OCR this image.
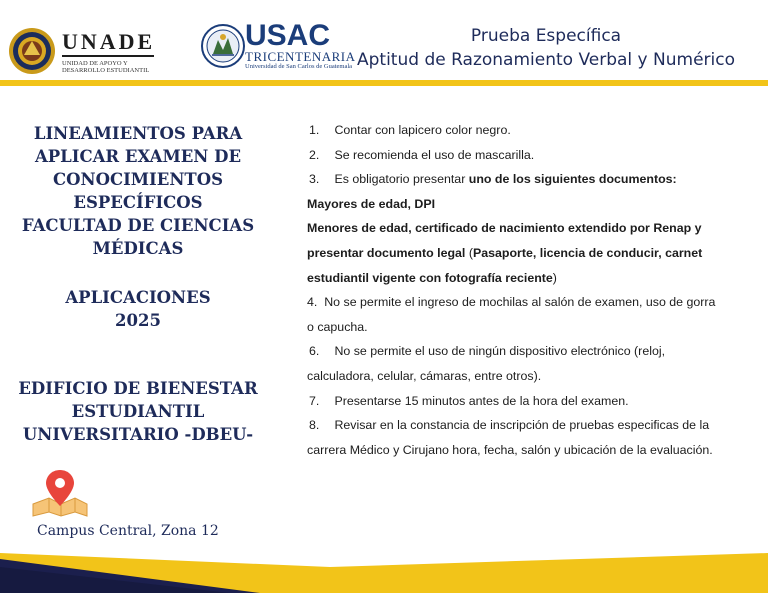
UNADE
UNIDAD DE APOYO Y
DESARROLLO ESTUDIANTIL
USAC
TRICENTENARIA
Universidad de San Carlos de Guatemala
Prueba Específica
Aptitud de Razonamiento Verbal y Numérico
LINEAMIENTOS PARA
APLICAR EXAMEN DE
CONOCIMIENTOS
ESPECÍFICOS
FACULTAD DE CIENCIAS
MÉDICAS
APLICACIONES
2025
EDIFICIO DE BIENESTAR
ESTUDIANTIL
UNIVERSITARIO -DBEU-
Campus Central, Zona 12

1. Contar con lapicero color negro.

2. Se recomienda el uso de mascarilla.

3. Es obligatorio presentar uno de los siguientes documentos:

Mayores de edad, DPI

Menores de edad, certificado de nacimiento extendido por Renap y
presentar documento legal (Pasaporte, licencia de conducir, carnet
estudiantil vigente con fotografía reciente)

4. No se permite el ingreso de mochilas al salón de examen, uso de gorra
o capucha.

6. No se permite el uso de ningún dispositivo electrónico (reloj,
calculadora, celular, cámaras, entre otros).

7. Presentarse 15 minutos antes de la hora del examen.

8. Revisar en la constancia de inscripción de pruebas especificas de la
carrera Médico y Cirujano hora, fecha, salón y ubicación de la evaluación.
